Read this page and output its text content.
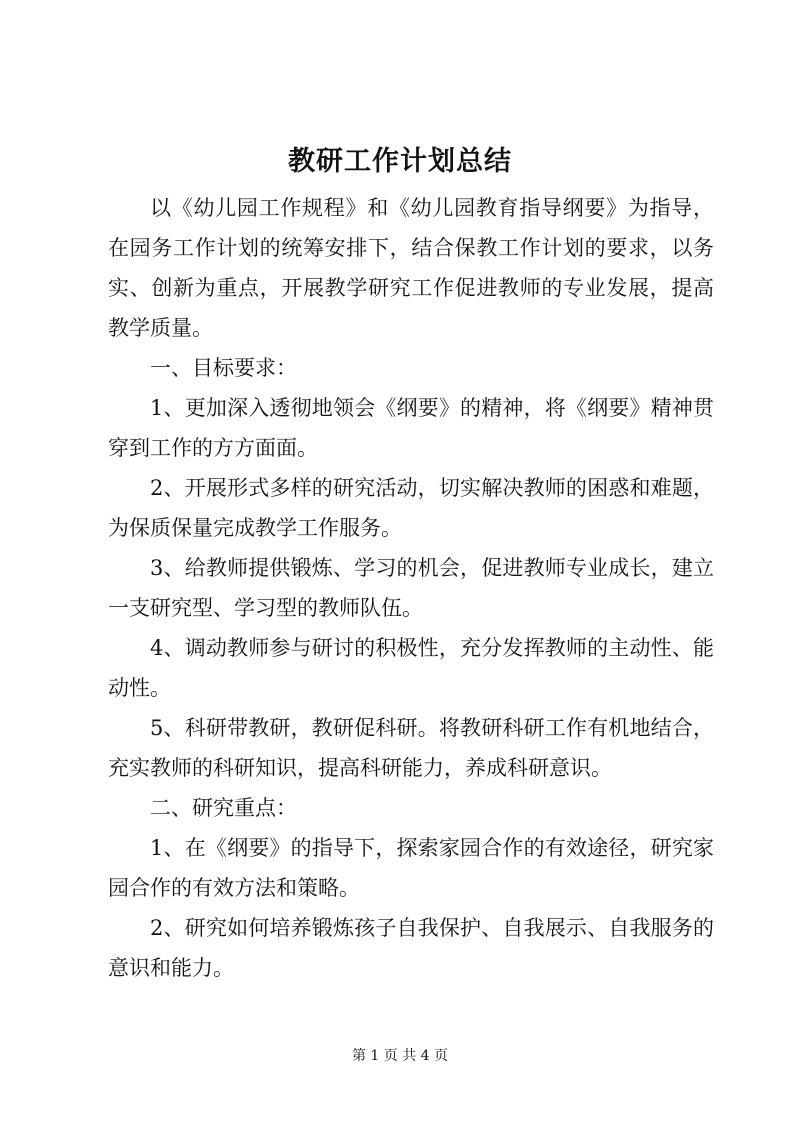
教研工作计划总结

以《幼儿园工作规程》和《幼儿园教育指导纲要》为指导，在园务工作计划的统筹安排下，结合保教工作计划的要求，以务实、创新为重点，开展教学研究工作促进教师的专业发展，提高教学质量。

一、目标要求：

1、更加深入透彻地领会《纲要》的精神，将《纲要》精神贯穿到工作的方方面面。

2、开展形式多样的研究活动，切实解决教师的困惑和难题，为保质保量完成教学工作服务。

3、给教师提供锻炼、学习的机会，促进教师专业成长，建立一支研究型、学习型的教师队伍。

4、调动教师参与研讨的积极性，充分发挥教师的主动性、能动性。

5、科研带教研，教研促科研。将教研科研工作有机地结合，充实教师的科研知识，提高科研能力，养成科研意识。

二、研究重点：

1、在《纲要》的指导下，探索家园合作的有效途径，研究家园合作的有效方法和策略。

2、研究如何培养锻炼孩子自我保护、自我展示、自我服务的意识和能力。

第 1 页 共 4 页
